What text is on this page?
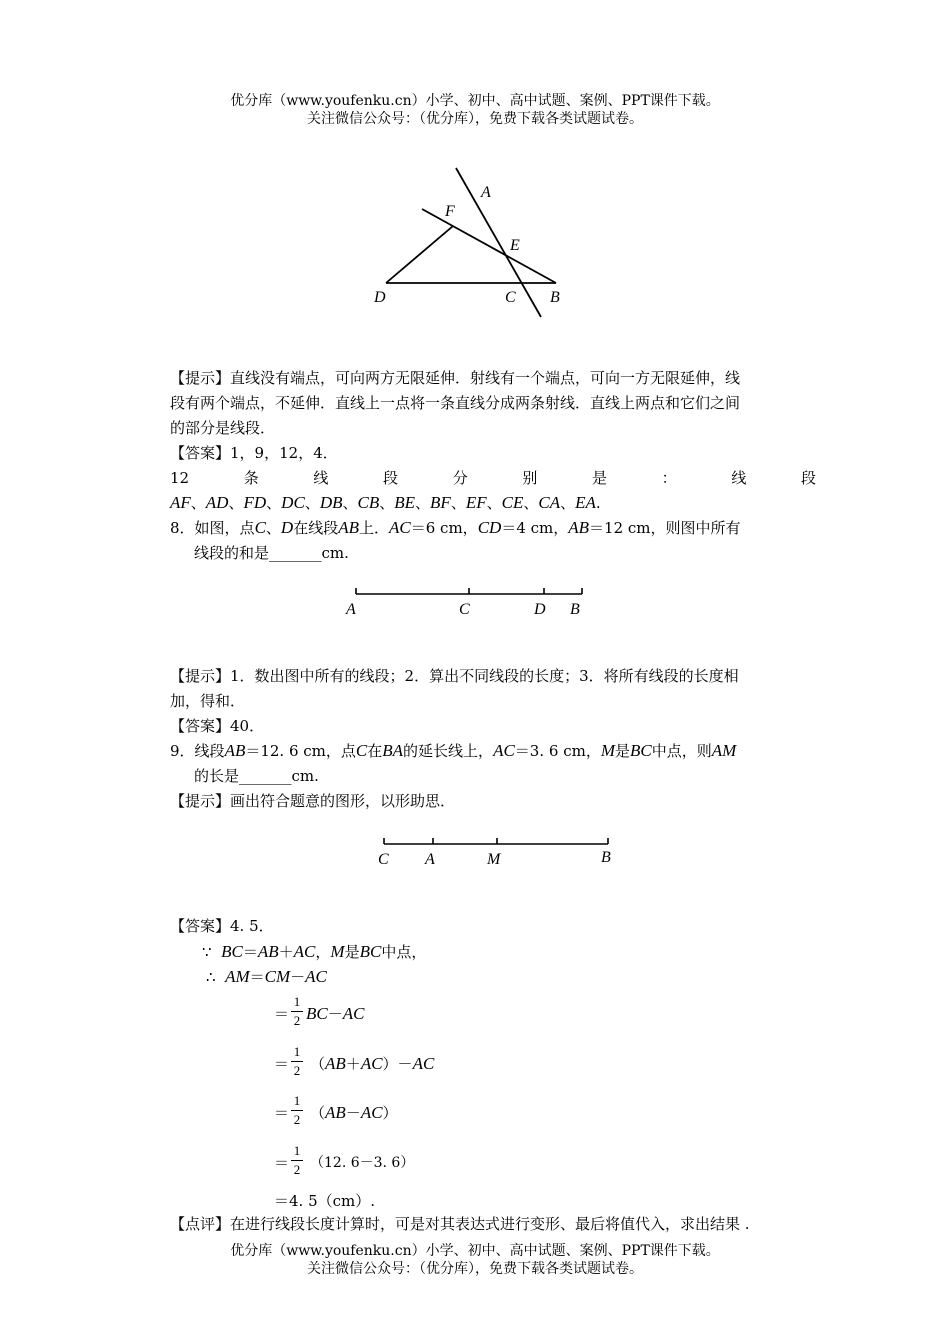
优分库（www.youfenku.cn）小学、初中、高中试题、案例、PPT课件下载。
关注微信公众号：（优分库），免费下载各类试题试卷。
A
F
E
D	C B
【提示】直线没有端点，可向两方无限延伸．射线有一个端点，可向一方无限延伸，线
段有两个端点，不延伸．直线上一点将一条直线分成两条射线．直线上两点和它们之间
的部分是线段．
【答案】1，9，12，4．
12	条	线	段	分	别	是	：	线	段
AF、AD、FD、DC、DB、CB、BE、BF、EF、CE、CA、EA.
8．如图，点C、D在线段AB上．AC＝6 cm，CD＝4 cm，AB＝12 cm，则图中所有
线段的和是_______cm.
A	C	D B
【提示】1．数出图中所有的线段；2．算出不同线段的长度；3．将所有线段的长度相
加，得和．
【答案】40．
9．线段AB＝12. 6 cm，点C在BA的延长线上，AC＝3. 6 cm，M是BC中点，则AM
的长是_______cm.
【提示】画出符合题意的图形，以形助思．
C A	M	B
【答案】4. 5．
∵ BC＝AB＋AC，M是BC中点，
∴ AM＝CM－AC
＝
1
2 BC－AC
＝
1
2 （AB＋AC）－AC
＝
1
2 （AB－AC）
＝
1
2 （12. 6－3. 6）
＝4. 5（cm）.
【点评】在进行线段长度计算时，可是对其表达式进行变形、最后将值代入，求出结果 .
优分库（www.youfenku.cn）小学、初中、高中试题、案例、PPT课件下载。
关注微信公众号：（优分库），免费下载各类试题试卷。
